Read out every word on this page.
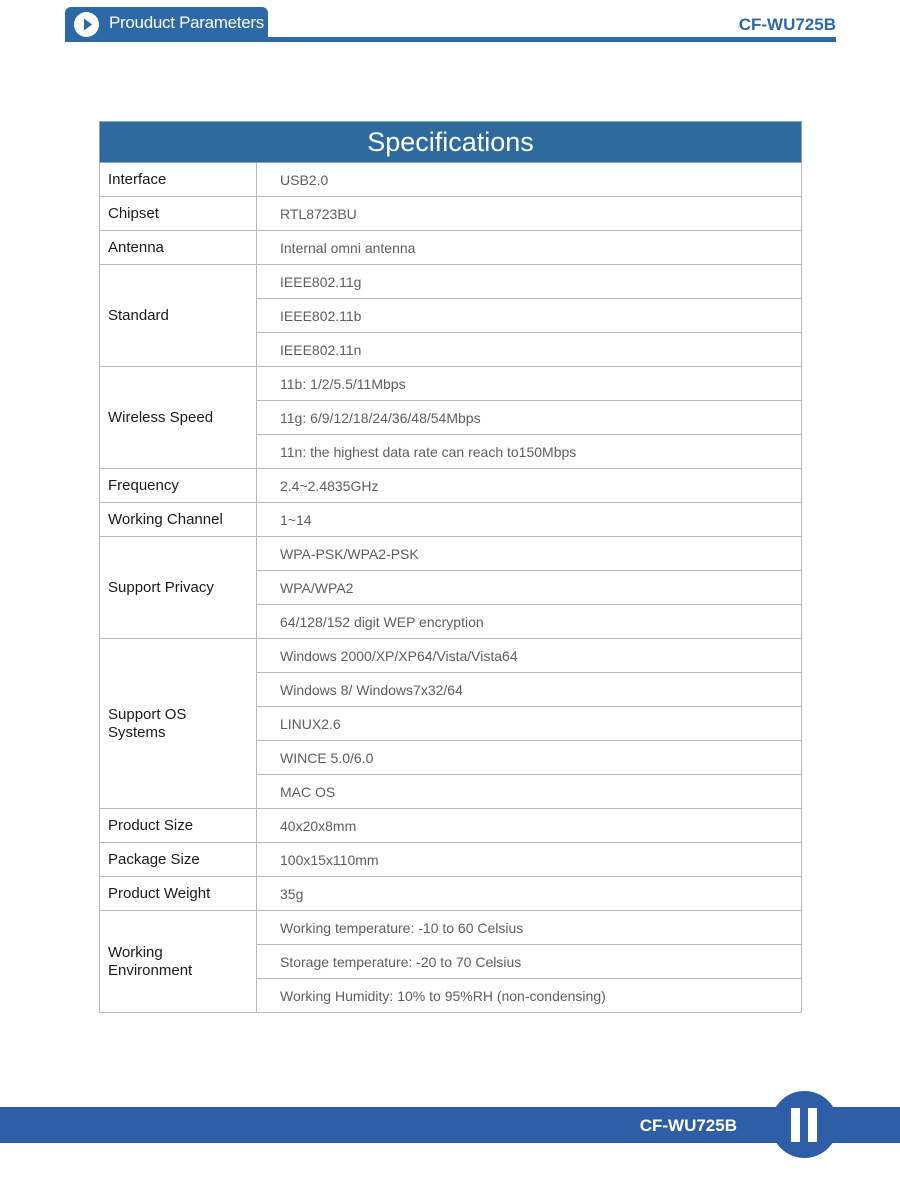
Prouduct Parameters	CF-WU725B
Specifications	
Interface	USB2.0
Chipset	RTL8723BU
Antenna	Internal omni antenna
Standard	IEEE802.11g
	IEEE802.11b
	IEEE802.11n
Wireless Speed	11b: 1/2/5.5/11Mbps
	11g: 6/9/12/18/24/36/48/54Mbps
	11n: the highest data rate can reach to150Mbps
Frequency	2.4~2.4835GHz
Working Channel	1~14
Support Privacy	WPA-PSK/WPA2-PSK
	WPA/WPA2
	64/128/152 digit WEP encryption
Support OS
Systems	Windows 2000/XP/XP64/Vista/Vista64
	Windows 8/ Windows7x32/64
	LINUX2.6
	WINCE 5.0/6.0
	MAC OS
Product Size	40x20x8mm
Package Size	100x15x110mm
Product Weight	35g
Working
Environment	Working temperature: -10 to 60 Celsius
	Storage temperature: -20 to 70 Celsius
	Working Humidity: 10% to 95%RH (non-condensing)
CF-WU725B
